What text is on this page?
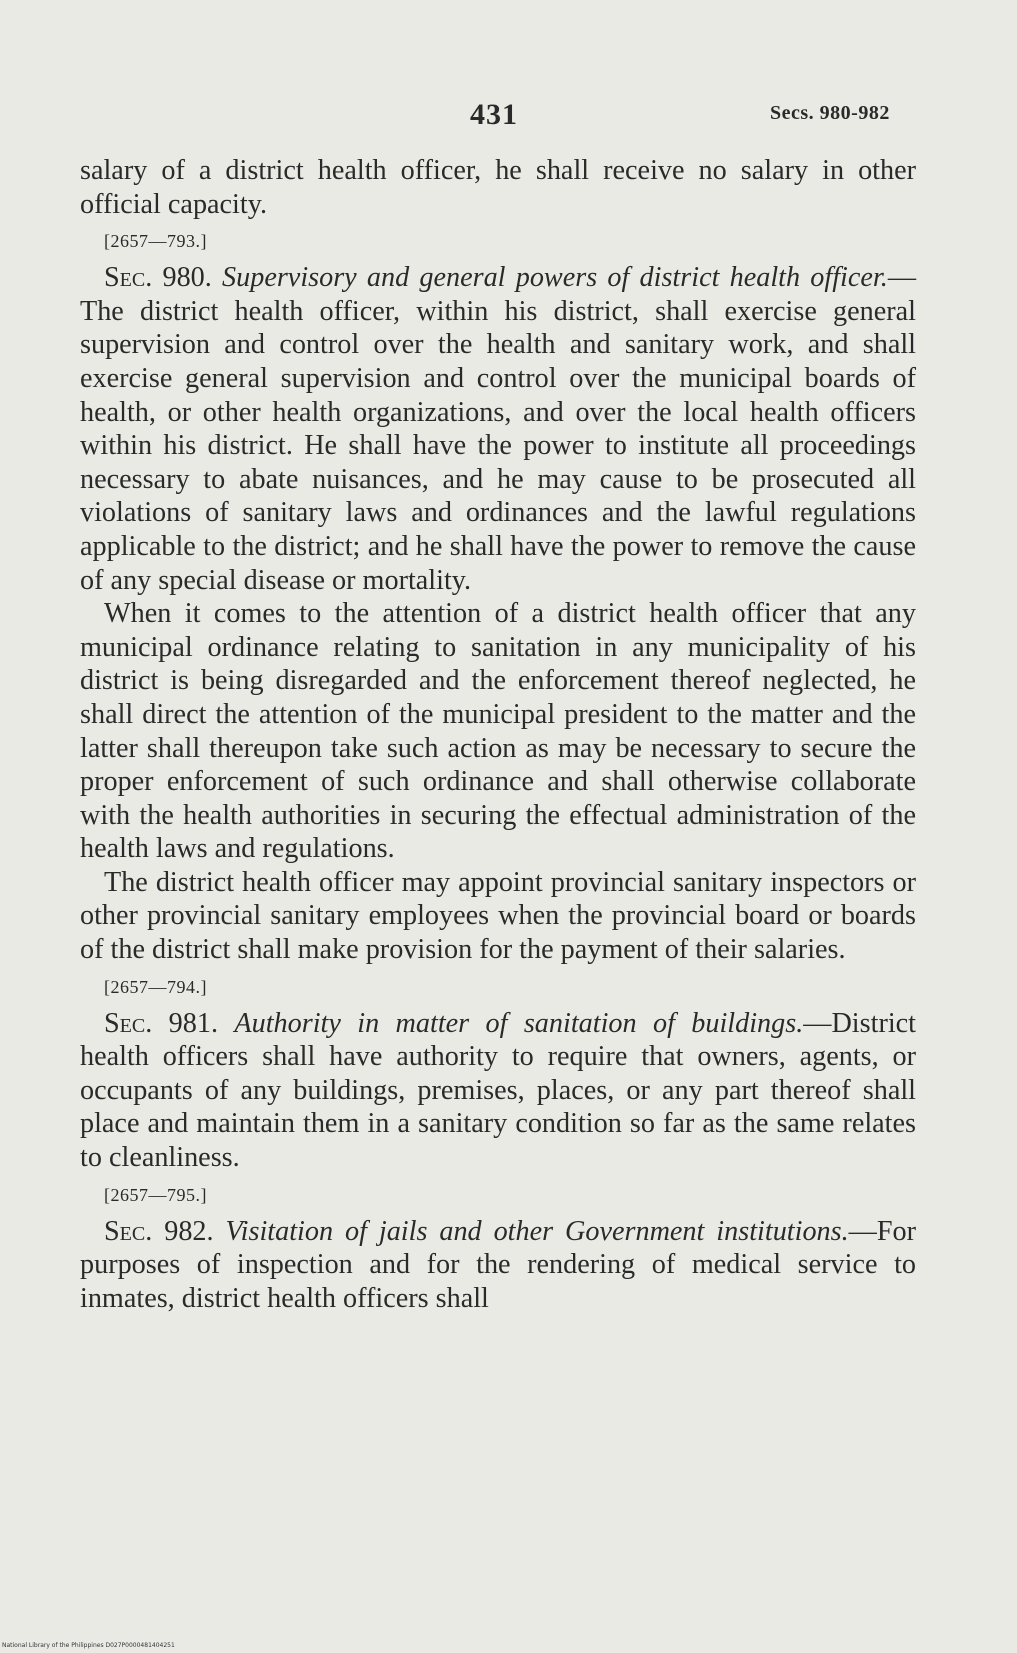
431	Secs. 980-982

salary of a district health officer, he shall receive no salary in other official capacity.

[2657—793.]

Sec. 980. Supervisory and general powers of district health officer.—The district health officer, within his district, shall exercise general supervision and control over the health and sanitary work, and shall exercise general supervision and control over the municipal boards of health, or other health organizations, and over the local health officers within his district. He shall have the power to institute all proceedings necessary to abate nuisances, and he may cause to be prosecuted all violations of sanitary laws and ordinances and the lawful regulations applicable to the district; and he shall have the power to remove the cause of any special disease or mortality.

When it comes to the attention of a district health officer that any municipal ordinance relating to sanitation in any municipality of his district is being disregarded and the enforcement thereof neglected, he shall direct the attention of the municipal president to the matter and the latter shall thereupon take such action as may be necessary to secure the proper enforcement of such ordinance and shall otherwise collaborate with the health authorities in securing the effectual administration of the health laws and regulations.

The district health officer may appoint provincial sanitary inspectors or other provincial sanitary employees when the provincial board or boards of the district shall make provision for the payment of their salaries.

[2657—794.]

Sec. 981. Authority in matter of sanitation of buildings.—District health officers shall have authority to require that owners, agents, or occupants of any buildings, premises, places, or any part thereof shall place and maintain them in a sanitary condition so far as the same relates to cleanliness.

[2657—795.]

Sec. 982. Visitation of jails and other Government institutions.—For purposes of inspection and for the rendering of medical service to inmates, district health officers shall

National Library of the Philippines D027P0000481404251
